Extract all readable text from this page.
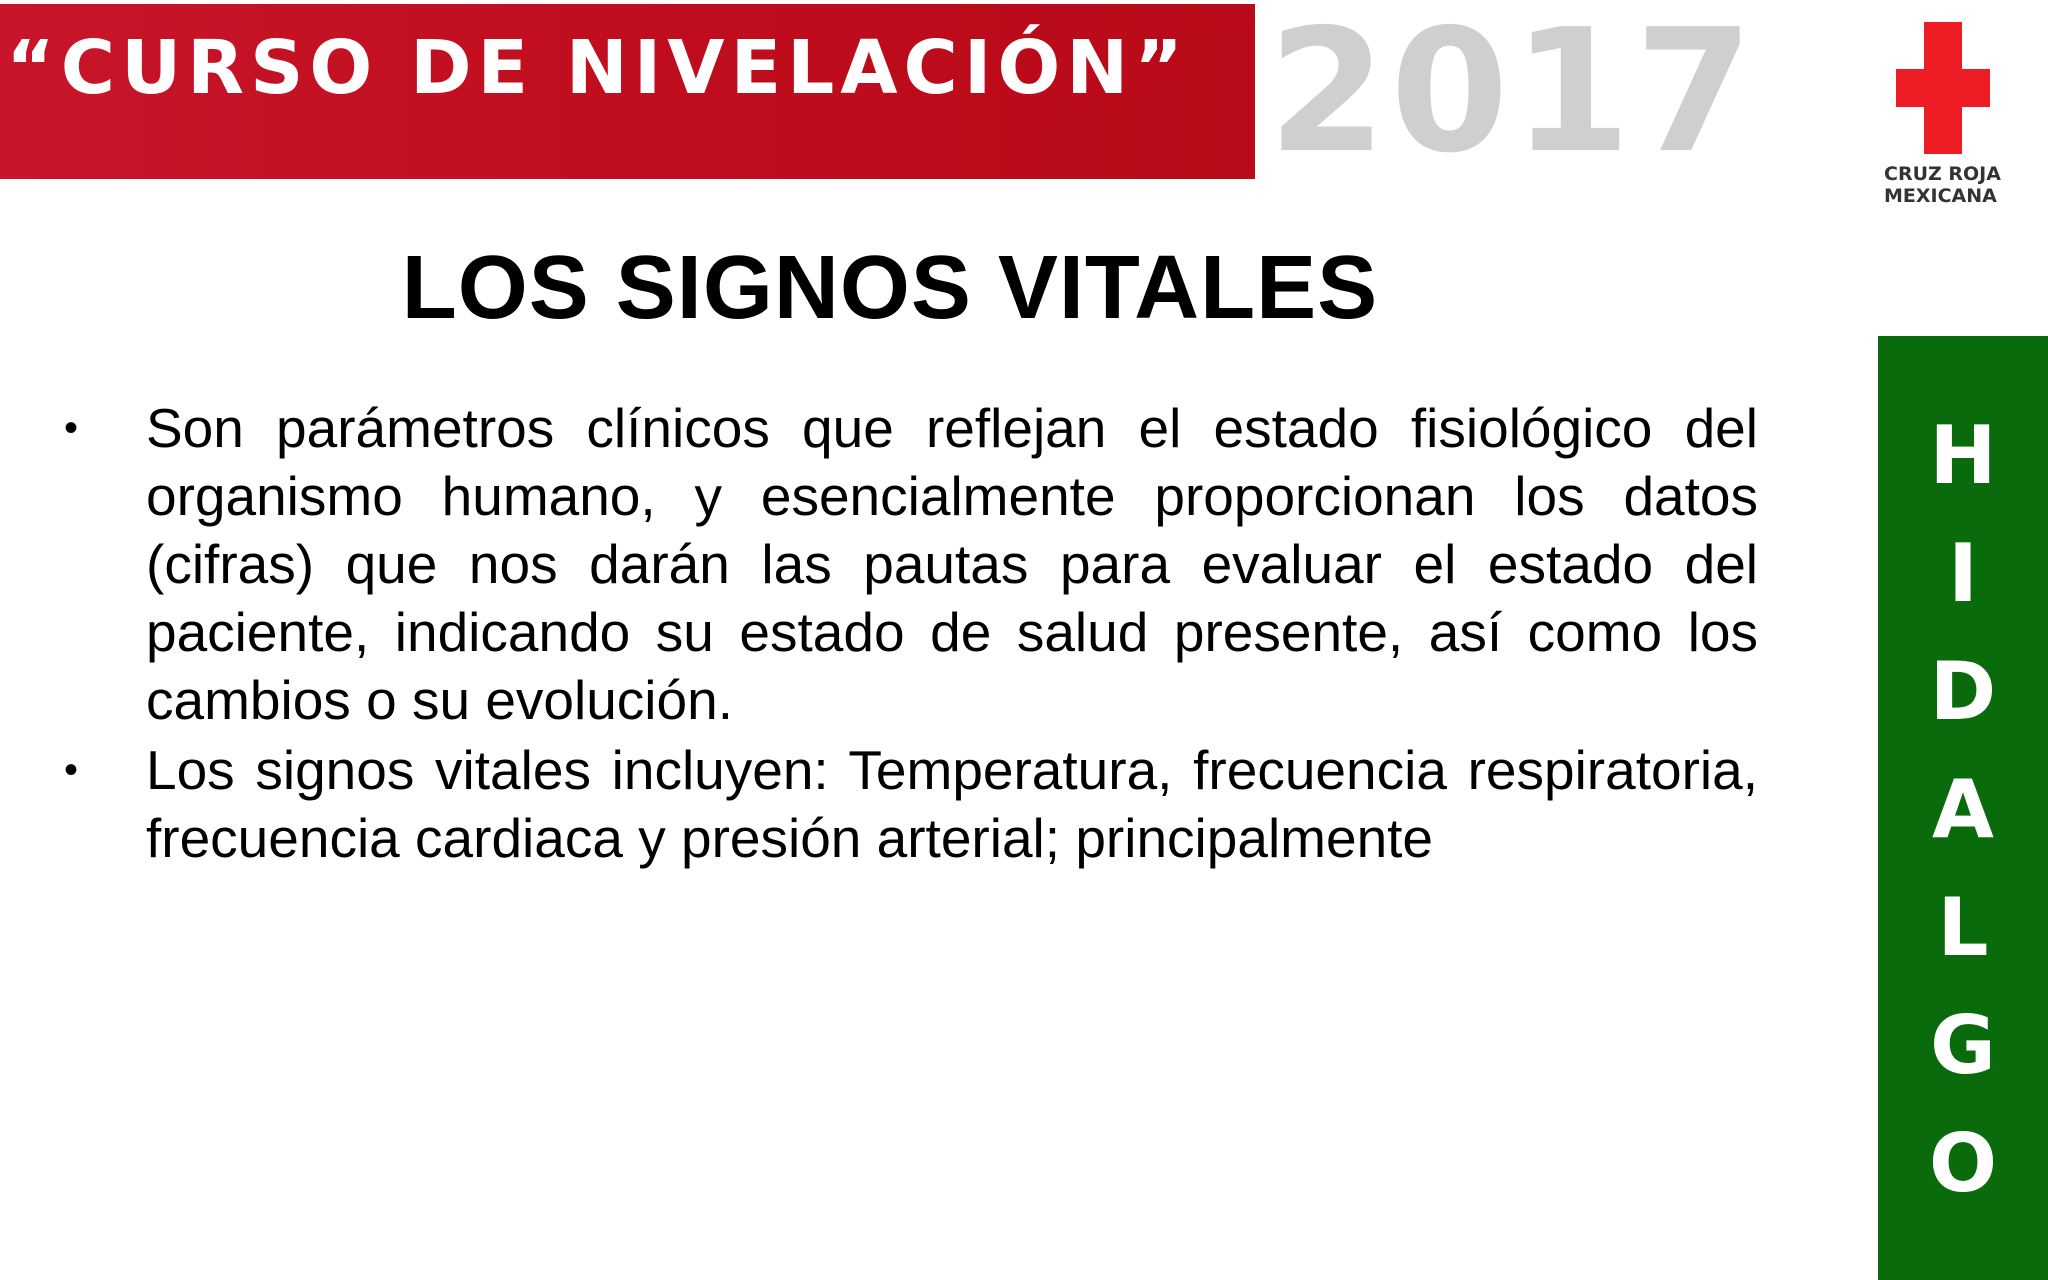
“CURSO DE NIVELACIÓN” 2017	CRUZ ROJA
MEXICANA
H
I
D
A
L
G
O
LOS SIGNOS VITALES
• Son parámetros clínicos que reflejan el estado fisiológico del organismo humano, y esencialmente proporcionan los datos (cifras) que nos darán las pautas para evaluar el estado del paciente, indicando su estado de salud presente, así como los cambios o su evolución.
• Los signos vitales incluyen: Temperatura, frecuencia respiratoria, frecuencia cardiaca y presión arterial; principalmente
